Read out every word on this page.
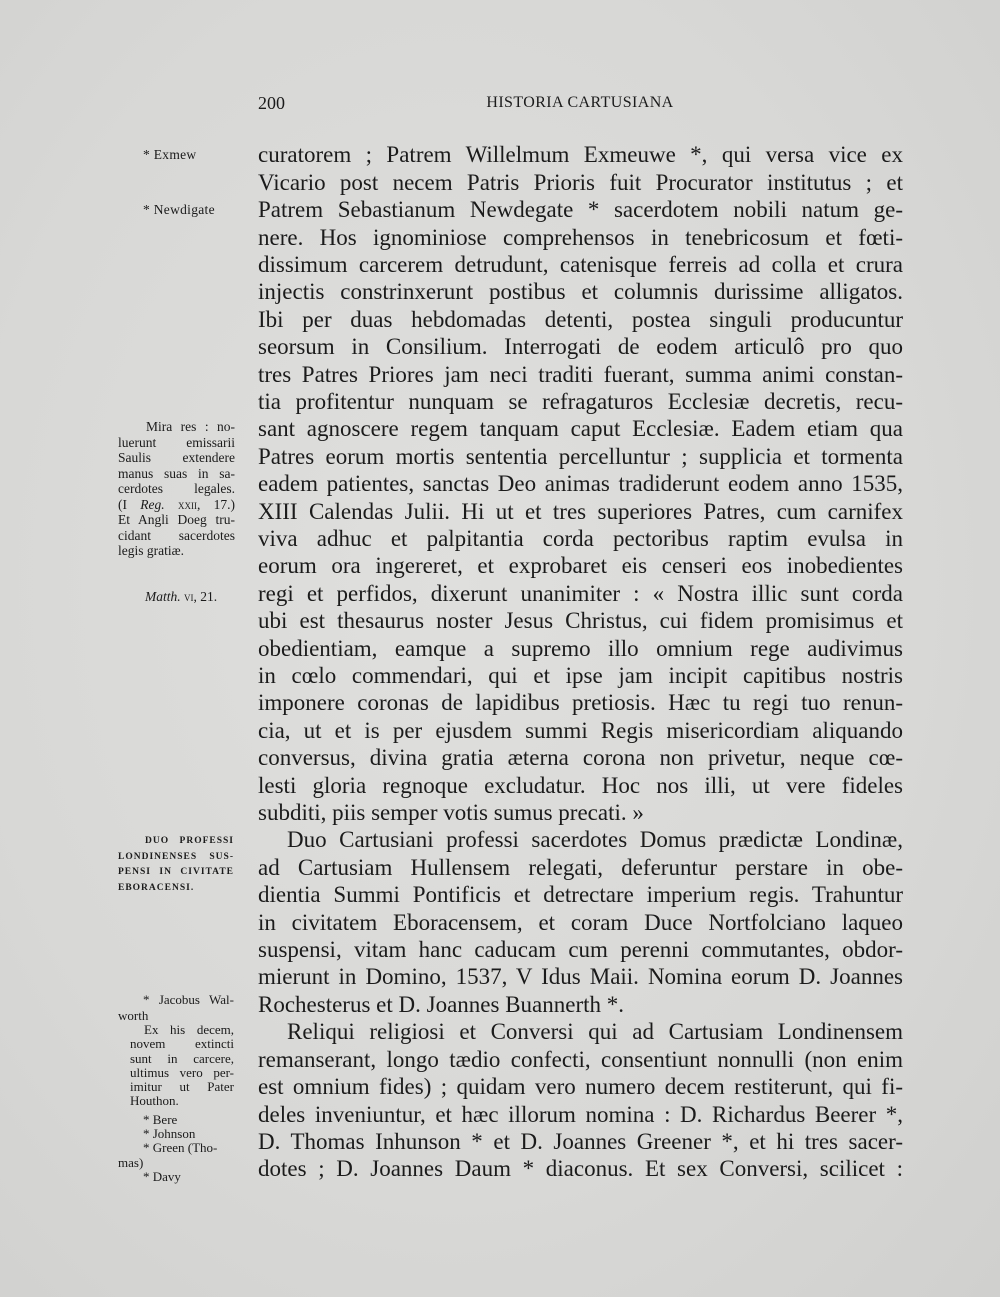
200	HISTORIA CARTUSIANA
* Exmew
* Newdigate
Mira res : no-
luerunt emissarii
Saulis extendere
manus suas in sa-
cerdotes legales.
(I Reg. xxii, 17.)
Et Angli Doeg tru-
cidant sacerdotes
legis gratiæ.
Matth. vi, 21.
DUO PROFESSI
LONDINENSES SUS-
PENSI IN CIVITATE
EBORACENSI.
* Jacobus Wal-
worth
Ex his decem,
novem extincti
sunt in carcere,
ultimus vero per-
imitur ut Pater
Houthon.
* Bere
* Johnson
* Green (Tho-
mas)
* Davy
curatorem ; Patrem Willelmum Exmeuwe *, qui versa vice ex
Vicario post necem Patris Prioris fuit Procurator institutus ; et
Patrem Sebastianum Newdegate * sacerdotem nobili natum ge-
nere. Hos ignominiose comprehensos in tenebricosum et fœti-
dissimum carcerem detrudunt, catenisque ferreis ad colla et crura
injectis constrinxerunt postibus et columnis durissime alligatos.
Ibi per duas hebdomadas detenti, postea singuli producuntur
seorsum in Consilium. Interrogati de eodem articulô pro quo
tres Patres Priores jam neci traditi fuerant, summa animi constan-
tia profitentur nunquam se refragaturos Ecclesiæ decretis, recu-
sant agnoscere regem tanquam caput Ecclesiæ. Eadem etiam qua
Patres eorum mortis sententia percelluntur ; supplicia et tormenta
eadem patientes, sanctas Deo animas tradiderunt eodem anno 1535,
XIII Calendas Julii. Hi ut et tres superiores Patres, cum carnifex
viva adhuc et palpitantia corda pectoribus raptim evulsa in
eorum ora ingereret, et exprobaret eis censeri eos inobedientes
regi et perfidos, dixerunt unanimiter : « Nostra illic sunt corda
ubi est thesaurus noster Jesus Christus, cui fidem promisimus et
obedientiam, eamque a supremo illo omnium rege audivimus
in cœlo commendari, qui et ipse jam incipit capitibus nostris
imponere coronas de lapidibus pretiosis. Hæc tu regi tuo renun-
cia, ut et is per ejusdem summi Regis misericordiam aliquando
conversus, divina gratia æterna corona non privetur, neque cœ-
lesti gloria regnoque excludatur. Hoc nos illi, ut vere fideles
subditi, piis semper votis sumus precati. »
Duo Cartusiani professi sacerdotes Domus prædictæ Londinæ,
ad Cartusiam Hullensem relegati, deferuntur perstare in obe-
dientia Summi Pontificis et detrectare imperium regis. Trahuntur
in civitatem Eboracensem, et coram Duce Nortfolciano laqueo
suspensi, vitam hanc caducam cum perenni commutantes, obdor-
mierunt in Domino, 1537, V Idus Maii. Nomina eorum D. Joannes
Rochesterus et D. Joannes Buannerth *.
Reliqui religiosi et Conversi qui ad Cartusiam Londinensem
remanserant, longo tædio confecti, consentiunt nonnulli (non enim
est omnium fides) ; quidam vero numero decem restiterunt, qui fi-
deles inveniuntur, et hæc illorum nomina : D. Richardus Beerer *,
D. Thomas Inhunson * et D. Joannes Greener *, et hi tres sacer-
dotes ; D. Joannes Daum * diaconus. Et sex Conversi, scilicet :
